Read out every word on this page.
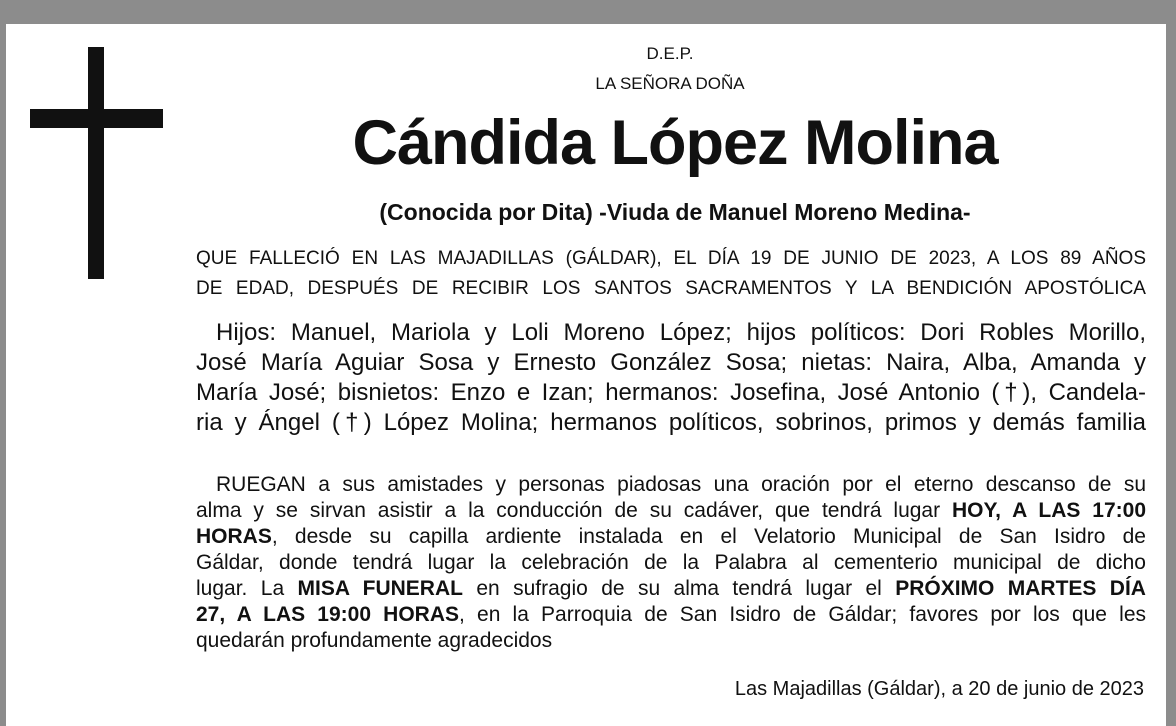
D.E.P.
LA SEÑORA DOÑA
Cándida López Molina
(Conocida por Dita) -Viuda de Manuel Moreno Medina-
QUE FALLECIÓ EN LAS MAJADILLAS (GÁLDAR), EL DÍA 19 DE JUNIO DE 2023, A LOS 89 AÑOS
DE EDAD, DESPUÉS DE RECIBIR LOS SANTOS SACRAMENTOS Y LA BENDICIÓN APOSTÓLICA
Hijos: Manuel, Mariola y Loli Moreno López; hijos políticos: Dori Robles Morillo,
José María Aguiar Sosa y Ernesto González Sosa; nietas: Naira, Alba, Amanda y
María José; bisnietos: Enzo e Izan; hermanos: Josefina, José Antonio (†), Candela-
ria y Ángel (†) López Molina; hermanos políticos, sobrinos, primos y demás familia
RUEGAN a sus amistades y personas piadosas una oración por el eterno descanso de su
alma y se sirvan asistir a la conducción de su cadáver, que tendrá lugar HOY, A LAS 17:00
HORAS, desde su capilla ardiente instalada en el Velatorio Municipal de San Isidro de
Gáldar, donde tendrá lugar la celebración de la Palabra al cementerio municipal de dicho
lugar. La MISA FUNERAL en sufragio de su alma tendrá lugar el PRÓXIMO MARTES DÍA
27, A LAS 19:00 HORAS, en la Parroquia de San Isidro de Gáldar; favores por los que les
quedarán profundamente agradecidos
Las Majadillas (Gáldar), a 20 de junio de 2023
